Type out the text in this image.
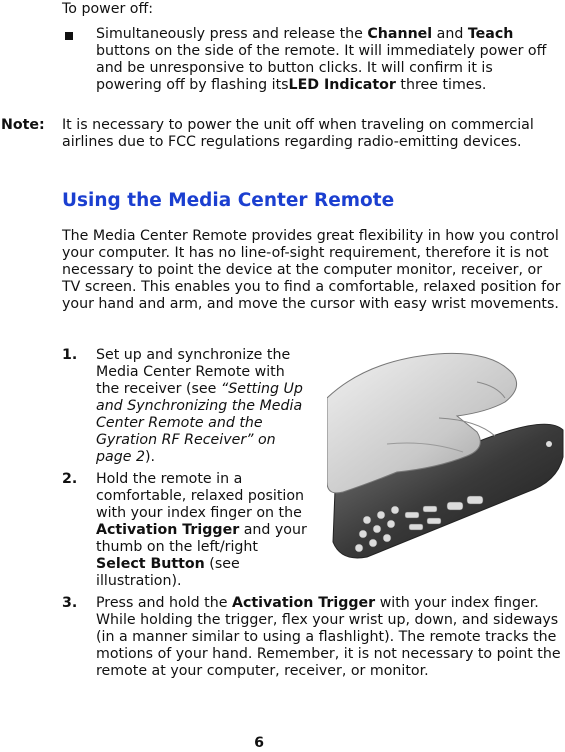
To power off:
Simultaneously press and release the Channel and Teach buttons on the side of the remote. It will immediately power off and be unresponsive to button clicks. It will confirm it is powering off by flashing itsLED Indicator three times.
Note: It is necessary to power the unit off when traveling on commercial airlines due to FCC regulations regarding radio-emitting devices.
Using the Media Center Remote
The Media Center Remote provides great flexibility in how you control your computer. It has no line-of-sight requirement, therefore it is not necessary to point the device at the computer monitor, receiver, or TV screen. This enables you to find a comfortable, relaxed position for your hand and arm, and move the cursor with easy wrist movements.
1. Set up and synchronize the Media Center Remote with the receiver (see “Setting Up and Synchronizing the Media Center Remote and the Gyration RF Receiver” on page 2).
2. Hold the remote in a comfortable, relaxed position with your index finger on the Activation Trigger and your thumb on the left/right Select Button (see illustration).
3. Press and hold the Activation Trigger with your index finger. While holding the trigger, flex your wrist up, down, and sideways (in a manner similar to using a flashlight). The remote tracks the motions of your hand. Remember, it is not necessary to point the remote at your computer, receiver, or monitor.
6
